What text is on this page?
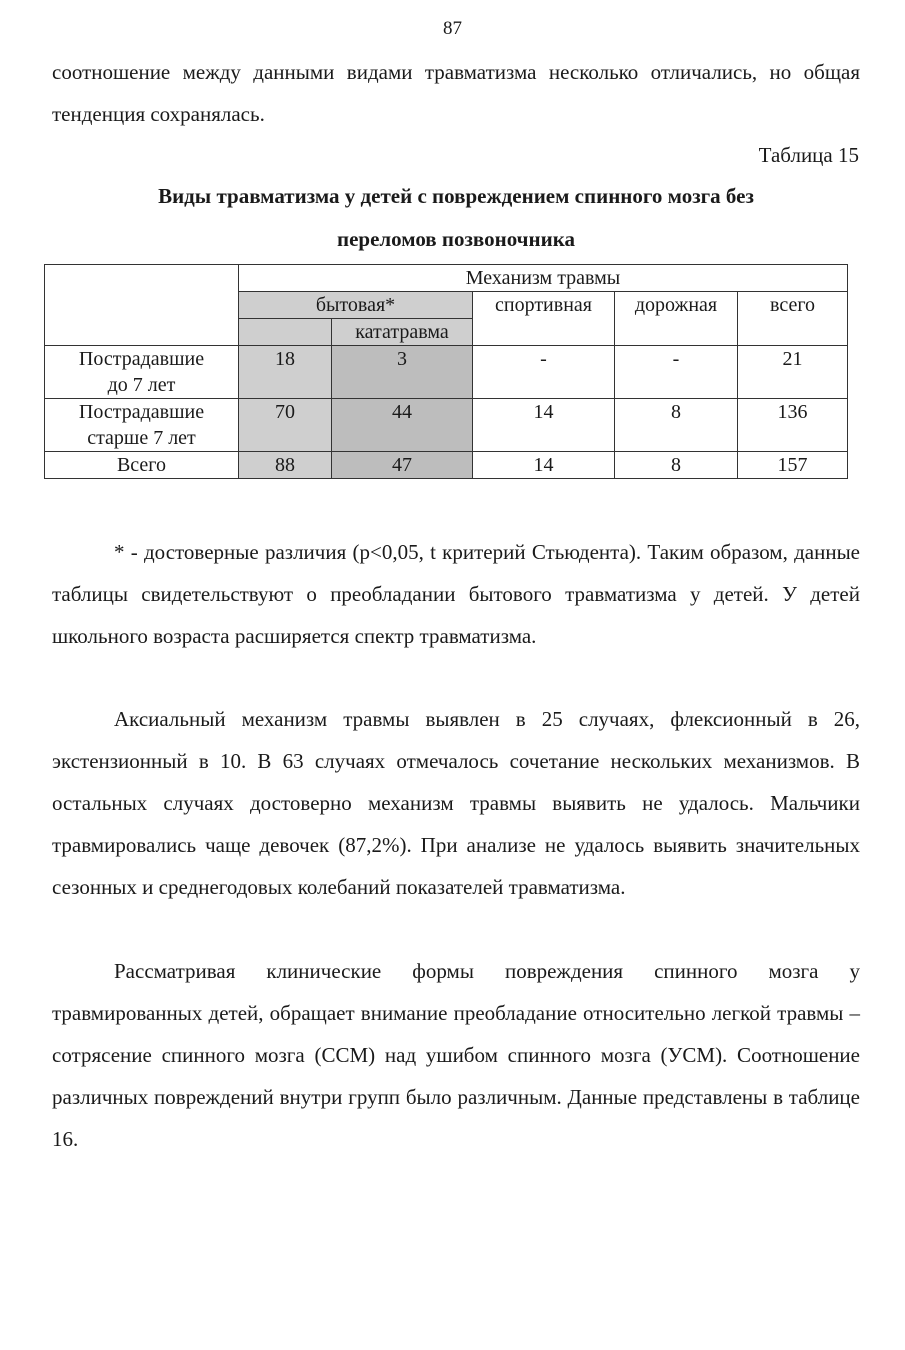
87

соотношение между данными видами травматизма несколько отличались, но общая тенденция сохранялась.

Таблица 15
Виды травматизма у детей с повреждением спинного мозга без
переломов позвоночника
	Механизм травмы				
	бытовая*		спортивная	дорожная	всего
		кататравма			

Пострадавшие
до 7 лет	18	3	-	-	21

Пострадавшие
старше 7 лет	70	44	14	8	136
Всего	88	47	14	8	157

* - достоверные различия (p<0,05, t критерий Стьюдента). Таким образом, данные таблицы свидетельствуют о преобладании бытового травматизма у детей. У детей школьного возраста расширяется спектр травматизма.

Аксиальный механизм травмы выявлен в 25 случаях, флексионный в 26, экстензионный в 10. В 63 случаях отмечалось сочетание нескольких механизмов. В остальных случаях достоверно механизм травмы выявить не удалось. Мальчики травмировались чаще девочек (87,2%). При анализе не удалось выявить значительных сезонных и среднегодовых колебаний показателей травматизма.

Рассматривая клинические формы повреждения спинного мозга у травмированных детей, обращает внимание преобладание относительно легкой травмы – сотрясение спинного мозга (ССМ) над ушибом спинного мозга (УСМ). Соотношение различных повреждений внутри групп было различным. Данные представлены в таблице 16.
